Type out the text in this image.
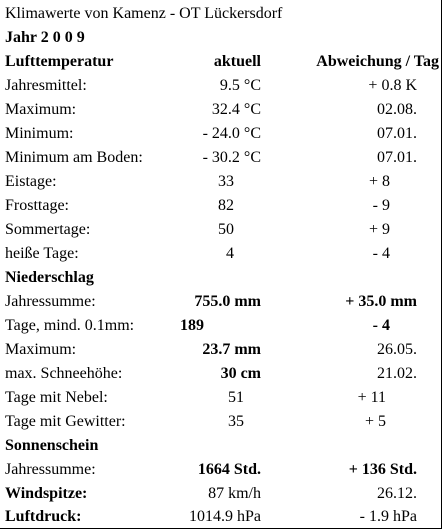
Klimawerte von Kamenz - OT Lückersdorf
Jahr 2 0 0 9
Lufttemperatur	aktuell	Abweichung / Tag
Jahresmittel:	9.5 °C	+ 0.8 K
Maximum:	32.4 °C	02.08.
Minimum:	- 24.0 °C	07.01.
Minimum am Boden:	- 30.2 °C	07.01.
Eistage:	33	+ 8
Frosttage:	82	- 9
Sommertage:	50	+ 9
heiße Tage:	4	- 4
Niederschlag
Jahressumme:	755.0 mm	+ 35.0 mm
Tage, mind. 0.1mm:	189	- 4
Maximum:	23.7 mm	26.05.
max. Schneehöhe:	30 cm	21.02.
Tage mit Nebel:	51	+ 11
Tage mit Gewitter:	35	+ 5
Sonnenschein
Jahressumme:	1664 Std.	+ 136 Std.
Windspitze:	87 km/h	26.12.
Luftdruck:	1014.9 hPa	- 1.9 hPa
